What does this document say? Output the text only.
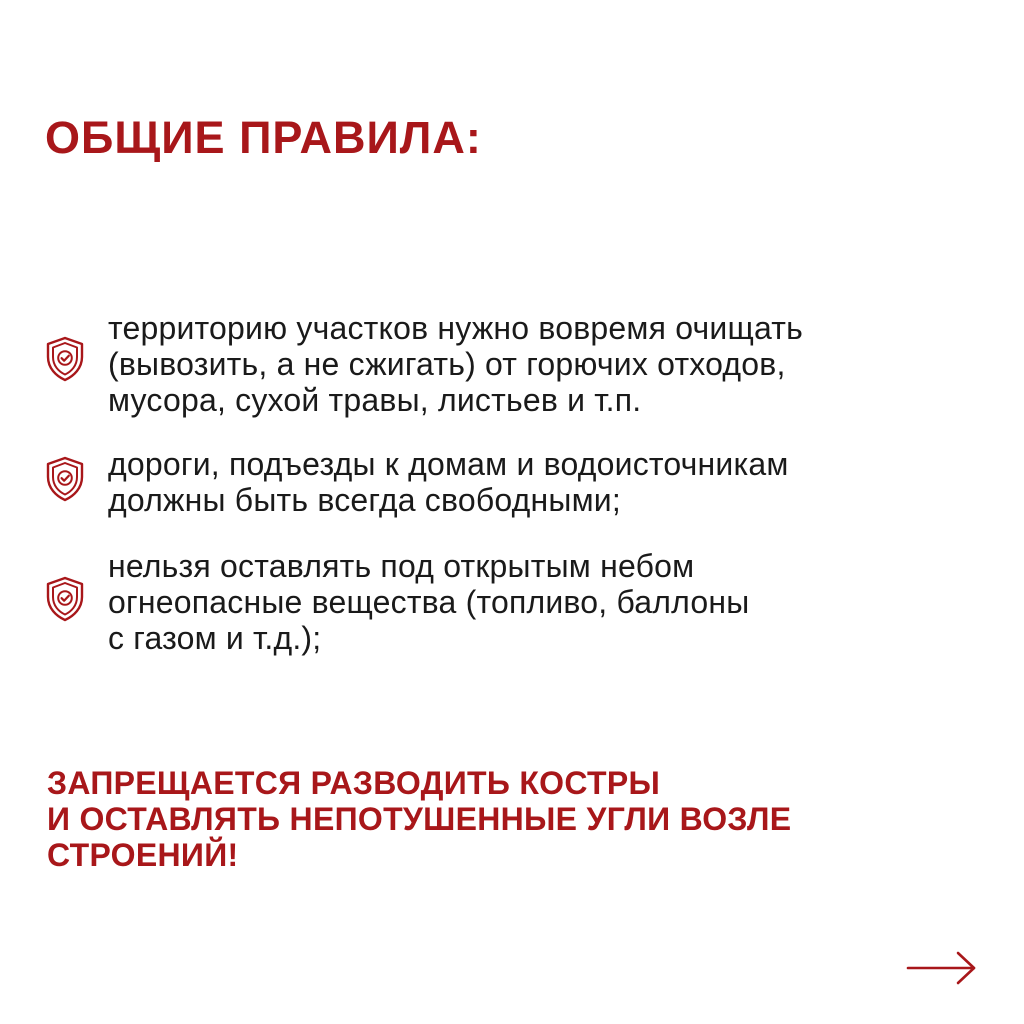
ОБЩИЕ ПРАВИЛА:
территорию участков нужно вовремя очищать
(вывозить, а не сжигать) от горючих отходов,
мусора, сухой травы, листьев и т.п.
дороги, подъезды к домам и водоисточникам
должны быть всегда свободными;
нельзя оставлять под открытым небом
огнеопасные вещества (топливо, баллоны
с газом и т.д.);

ЗАПРЕЩАЕТСЯ РАЗВОДИТЬ КОСТРЫ
И ОСТАВЛЯТЬ НЕПОТУШЕННЫЕ УГЛИ ВОЗЛЕ
СТРОЕНИЙ!
